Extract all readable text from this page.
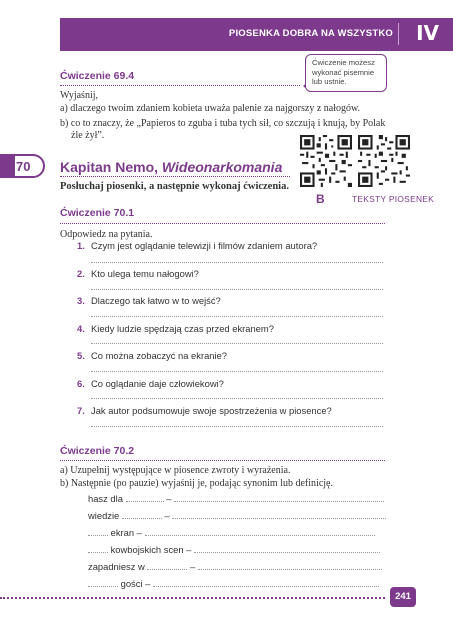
PIOSENKA DOBRA NA WSZYSTKO IV
Ćwiczenie 69.4
Wyjaśnij,
a) dlaczego twoim zdaniem kobieta uważa palenie za najgorszy z nałogów.
b) co to znaczy, że „Papieros to zguba i tuba tych sił, co szczują i knują, by Polak
żle żył”.
Ćwiczenie możesz
wykonać pisemnie
lub ustnie.
70 Kapitan Nemo, Wideonarkomania
Posłuchaj piosenki, a następnie wykonaj ćwiczenia.
B	TEKSTY PIOSENEK
Ćwiczenie 70.1
Odpowiedz na pytania.
1. Czym jest oglądanie telewizji i filmów zdaniem autora?
2. Kto ulega temu nałogowi?
3. Dlaczego tak łatwo w to wejść?
4. Kiedy ludzie spędzają czas przed ekranem?
5. Co można zobaczyć na ekranie?
6. Co oglądanie daje człowiekowi?
7. Jak autor podsumowuje swoje spostrzeżenia w piosence?
Ćwiczenie 70.2
a) Uzupełnij występujące w piosence zwroty i wyrażenia.
b) Następnie (po pauzie) wyjaśnij je, podając synonim lub definicję.
hasz dla	–
wiedzie	–
ekran –
kowbojskich scen –
zapadniesz w	–
gości –
241
